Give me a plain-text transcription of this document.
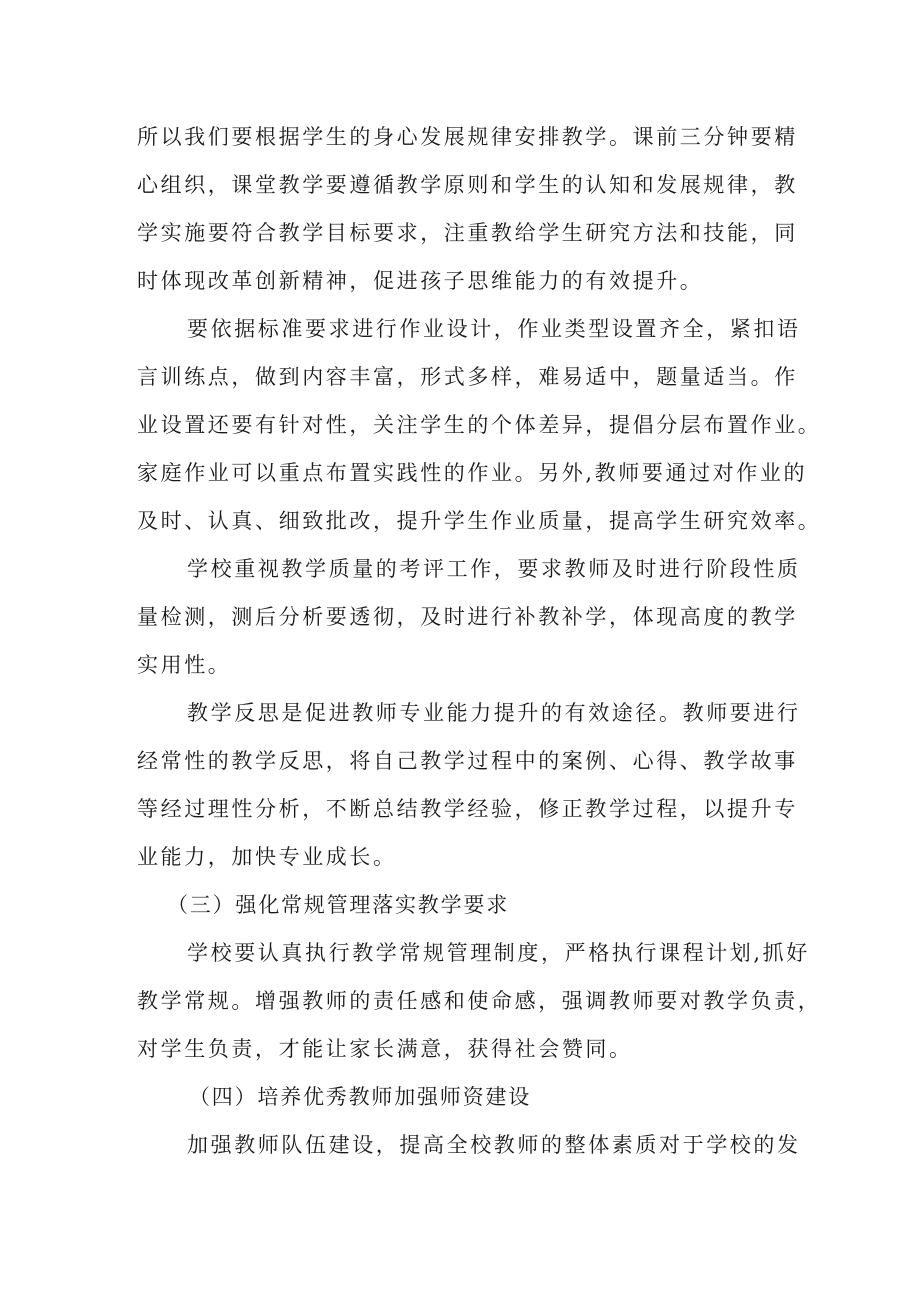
所以我们要根据学生的身心发展规律安排教学。课前三分钟要精
心组织，课堂教学要遵循教学原则和学生的认知和发展规律，教
学实施要符合教学目标要求，注重教给学生研究方法和技能，同
时体现改革创新精神，促进孩子思维能力的有效提升。
要依据标准要求进行作业设计，作业类型设置齐全，紧扣语
言训练点，做到内容丰富，形式多样，难易适中，题量适当。作
业设置还要有针对性，关注学生的个体差异，提倡分层布置作业。
家庭作业可以重点布置实践性的作业。另外,教师要通过对作业的
及时、认真、细致批改，提升学生作业质量，提高学生研究效率。
学校重视教学质量的考评工作，要求教师及时进行阶段性质
量检测，测后分析要透彻，及时进行补教补学，体现高度的教学
实用性。
教学反思是促进教师专业能力提升的有效途径。教师要进行
经常性的教学反思，将自己教学过程中的案例、心得、教学故事
等经过理性分析，不断总结教学经验，修正教学过程，以提升专
业能力，加快专业成长。
（三）强化常规管理落实教学要求
学校要认真执行教学常规管理制度，严格执行课程计划,抓好
教学常规。增强教师的责任感和使命感，强调教师要对教学负责，
对学生负责，才能让家长满意，获得社会赞同。
（四）培养优秀教师加强师资建设
加强教师队伍建设，提高全校教师的整体素质对于学校的发
